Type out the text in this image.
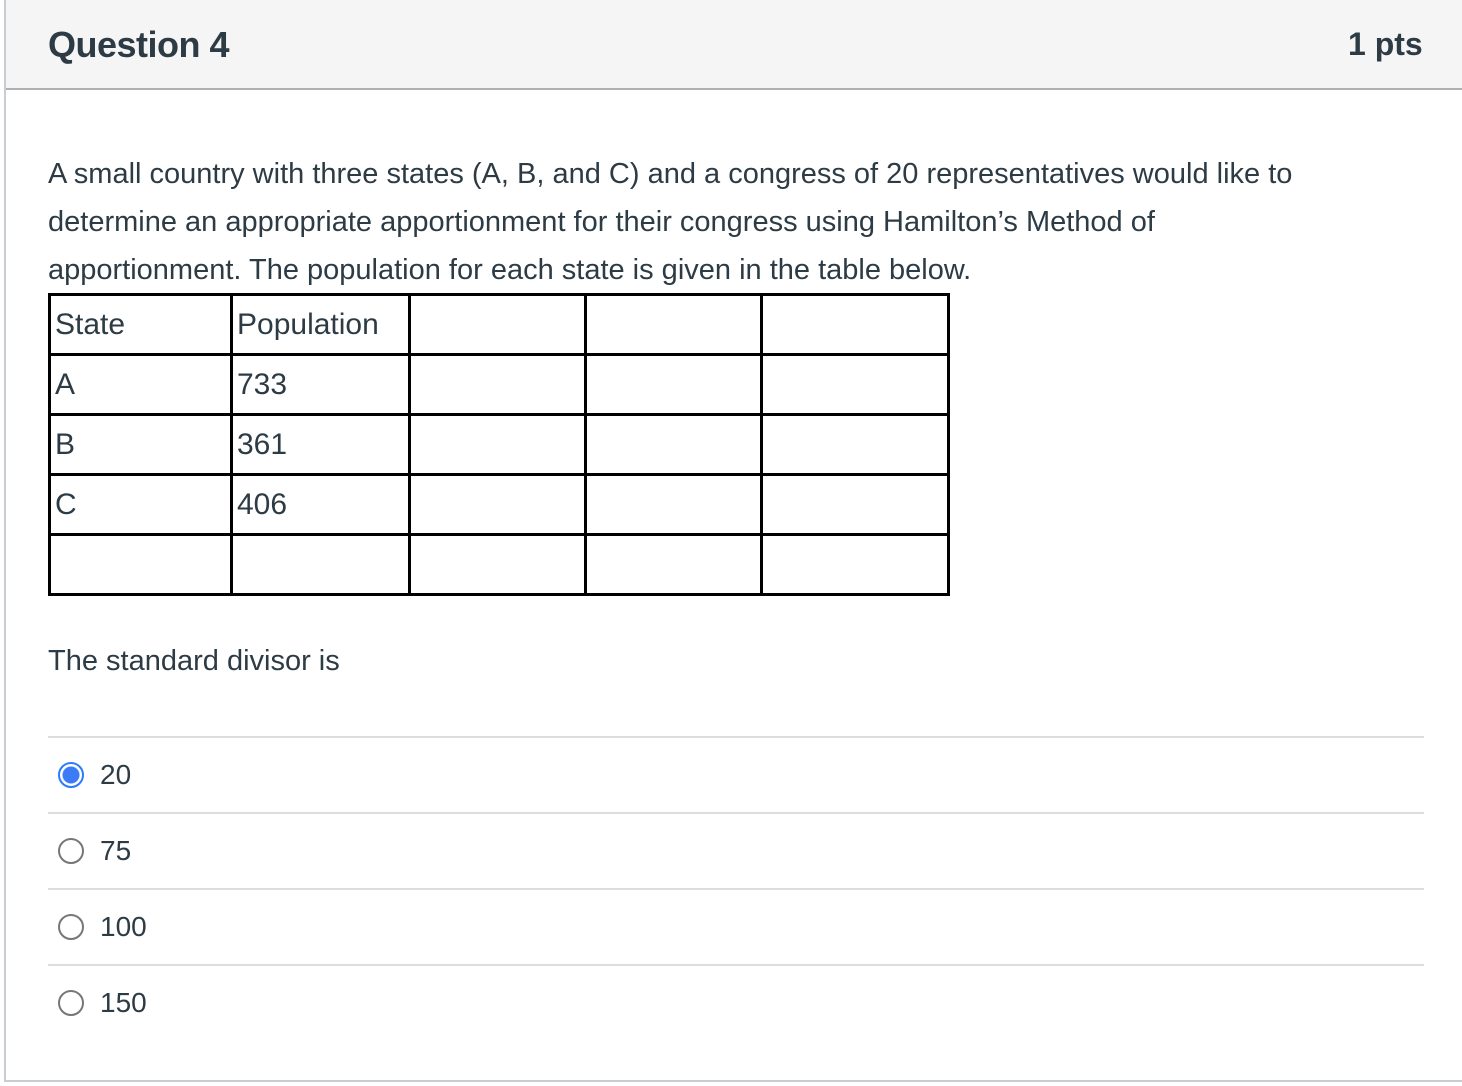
Question 4	1 pts
A small country with three states (A, B, and C) and a congress of 20 representatives would like to determine an appropriate apportionment for their congress using Hamilton’s Method of apportionment. The population for each state is given in the table below.
State	Population			
A	733			
B	361			
C	406			

The standard divisor is
20
75
100
150
